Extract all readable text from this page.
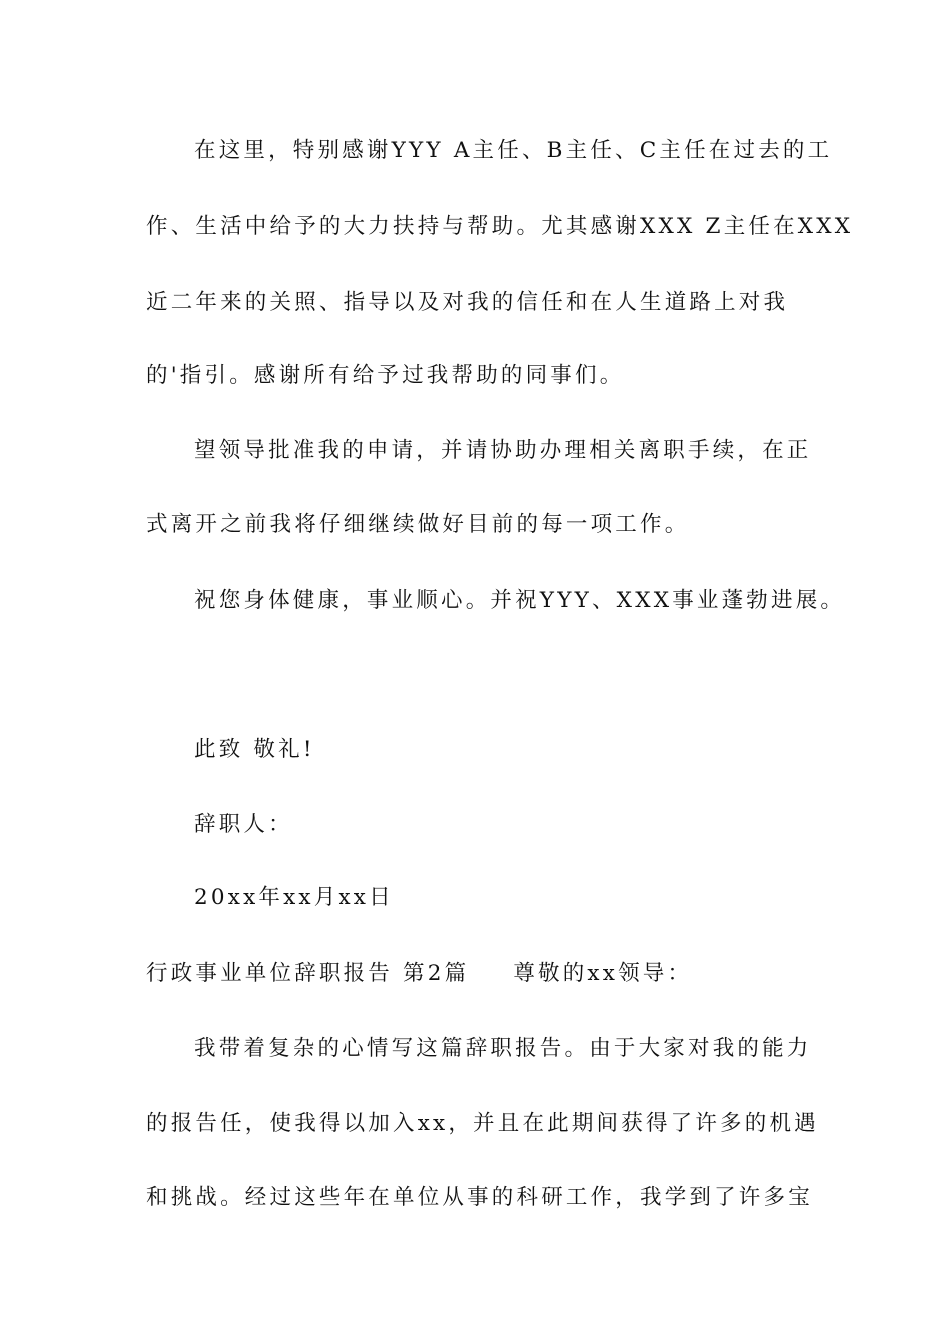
在这里，特别感谢YYY A主任、B主任、C主任在过去的工
作、生活中给予的大力扶持与帮助。尤其感谢XXX Z主任在XXX
近二年来的关照、指导以及对我的信任和在人生道路上对我
的'指引。感谢所有给予过我帮助的同事们。
望领导批准我的申请，并请协助办理相关离职手续，在正
式离开之前我将仔细继续做好目前的每一项工作。
祝您身体健康，事业顺心。并祝YYY、XXX事业蓬勃进展。
此致 敬礼!
辞职人：
20xx年xx月xx日
行政事业单位辞职报告 第2篇 尊敬的xx领导：
我带着复杂的心情写这篇辞职报告。由于大家对我的能力
的报告任，使我得以加入xx，并且在此期间获得了许多的机遇
和挑战。经过这些年在单位从事的科研工作，我学到了许多宝
